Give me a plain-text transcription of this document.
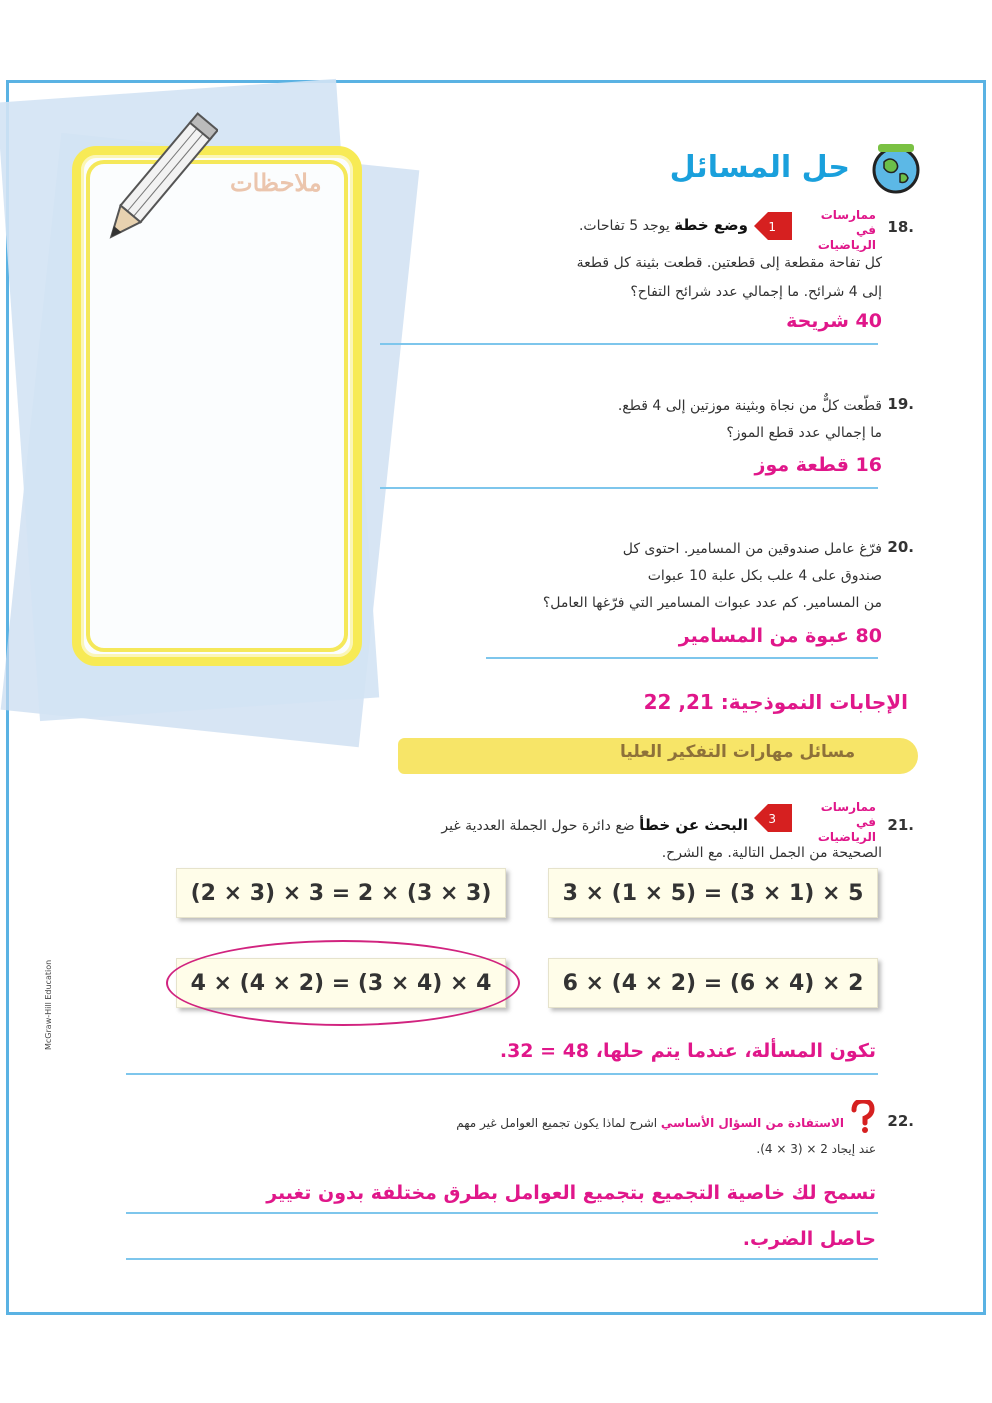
ملاحظات	حل المسائل
18.
ممارسات في الرياضيات
1
وضع خطة يوجد 5 تفاحات.
كل تفاحة مقطعة إلى قطعتين. قطعت بثينة كل قطعة
إلى 4 شرائح. ما إجمالي عدد شرائح التفاح؟
40 شريحة
19.
قطّعت كلٌّ من نجاة وبثينة موزتين إلى 4 قطع.
ما إجمالي عدد قطع الموز؟
16 قطعة موز
20.
فرّغ عامل صندوقين من المسامير. احتوى كل
صندوق على 4 علب بكل علبة 10 عبوات
من المسامير. كم عدد عبوات المسامير التي فرّغها العامل؟
80 عبوة من المسامير
الإجابات النموذجية: 21, 22
مسائل مهارات التفكير العليا
21.
ممارسات في الرياضيات
3
البحث عن خطأ ضع دائرة حول الجملة العددية غير
الصحيحة من الجمل التالية. مع الشرح.
3 × (1 × 5) = (3 × 1) × 5
(2 × 3) × 3 = 2 × (3 × 3)
6 × (4 × 2) = (6 × 4) × 2
4 × (4 × 2) = (3 × 4) × 4
تكون المسألة، عندما يتم حلها، 48 = 32.
22.
الاستفادة من السؤال الأساسي اشرح لماذا يكون تجميع العوامل غير مهم
عند إيجاد 2 × (3 × 4).
تسمح لك خاصية التجميع بتجميع العوامل بطرق مختلفة بدون تغيير
حاصل الضرب.
McGraw-Hill Education
